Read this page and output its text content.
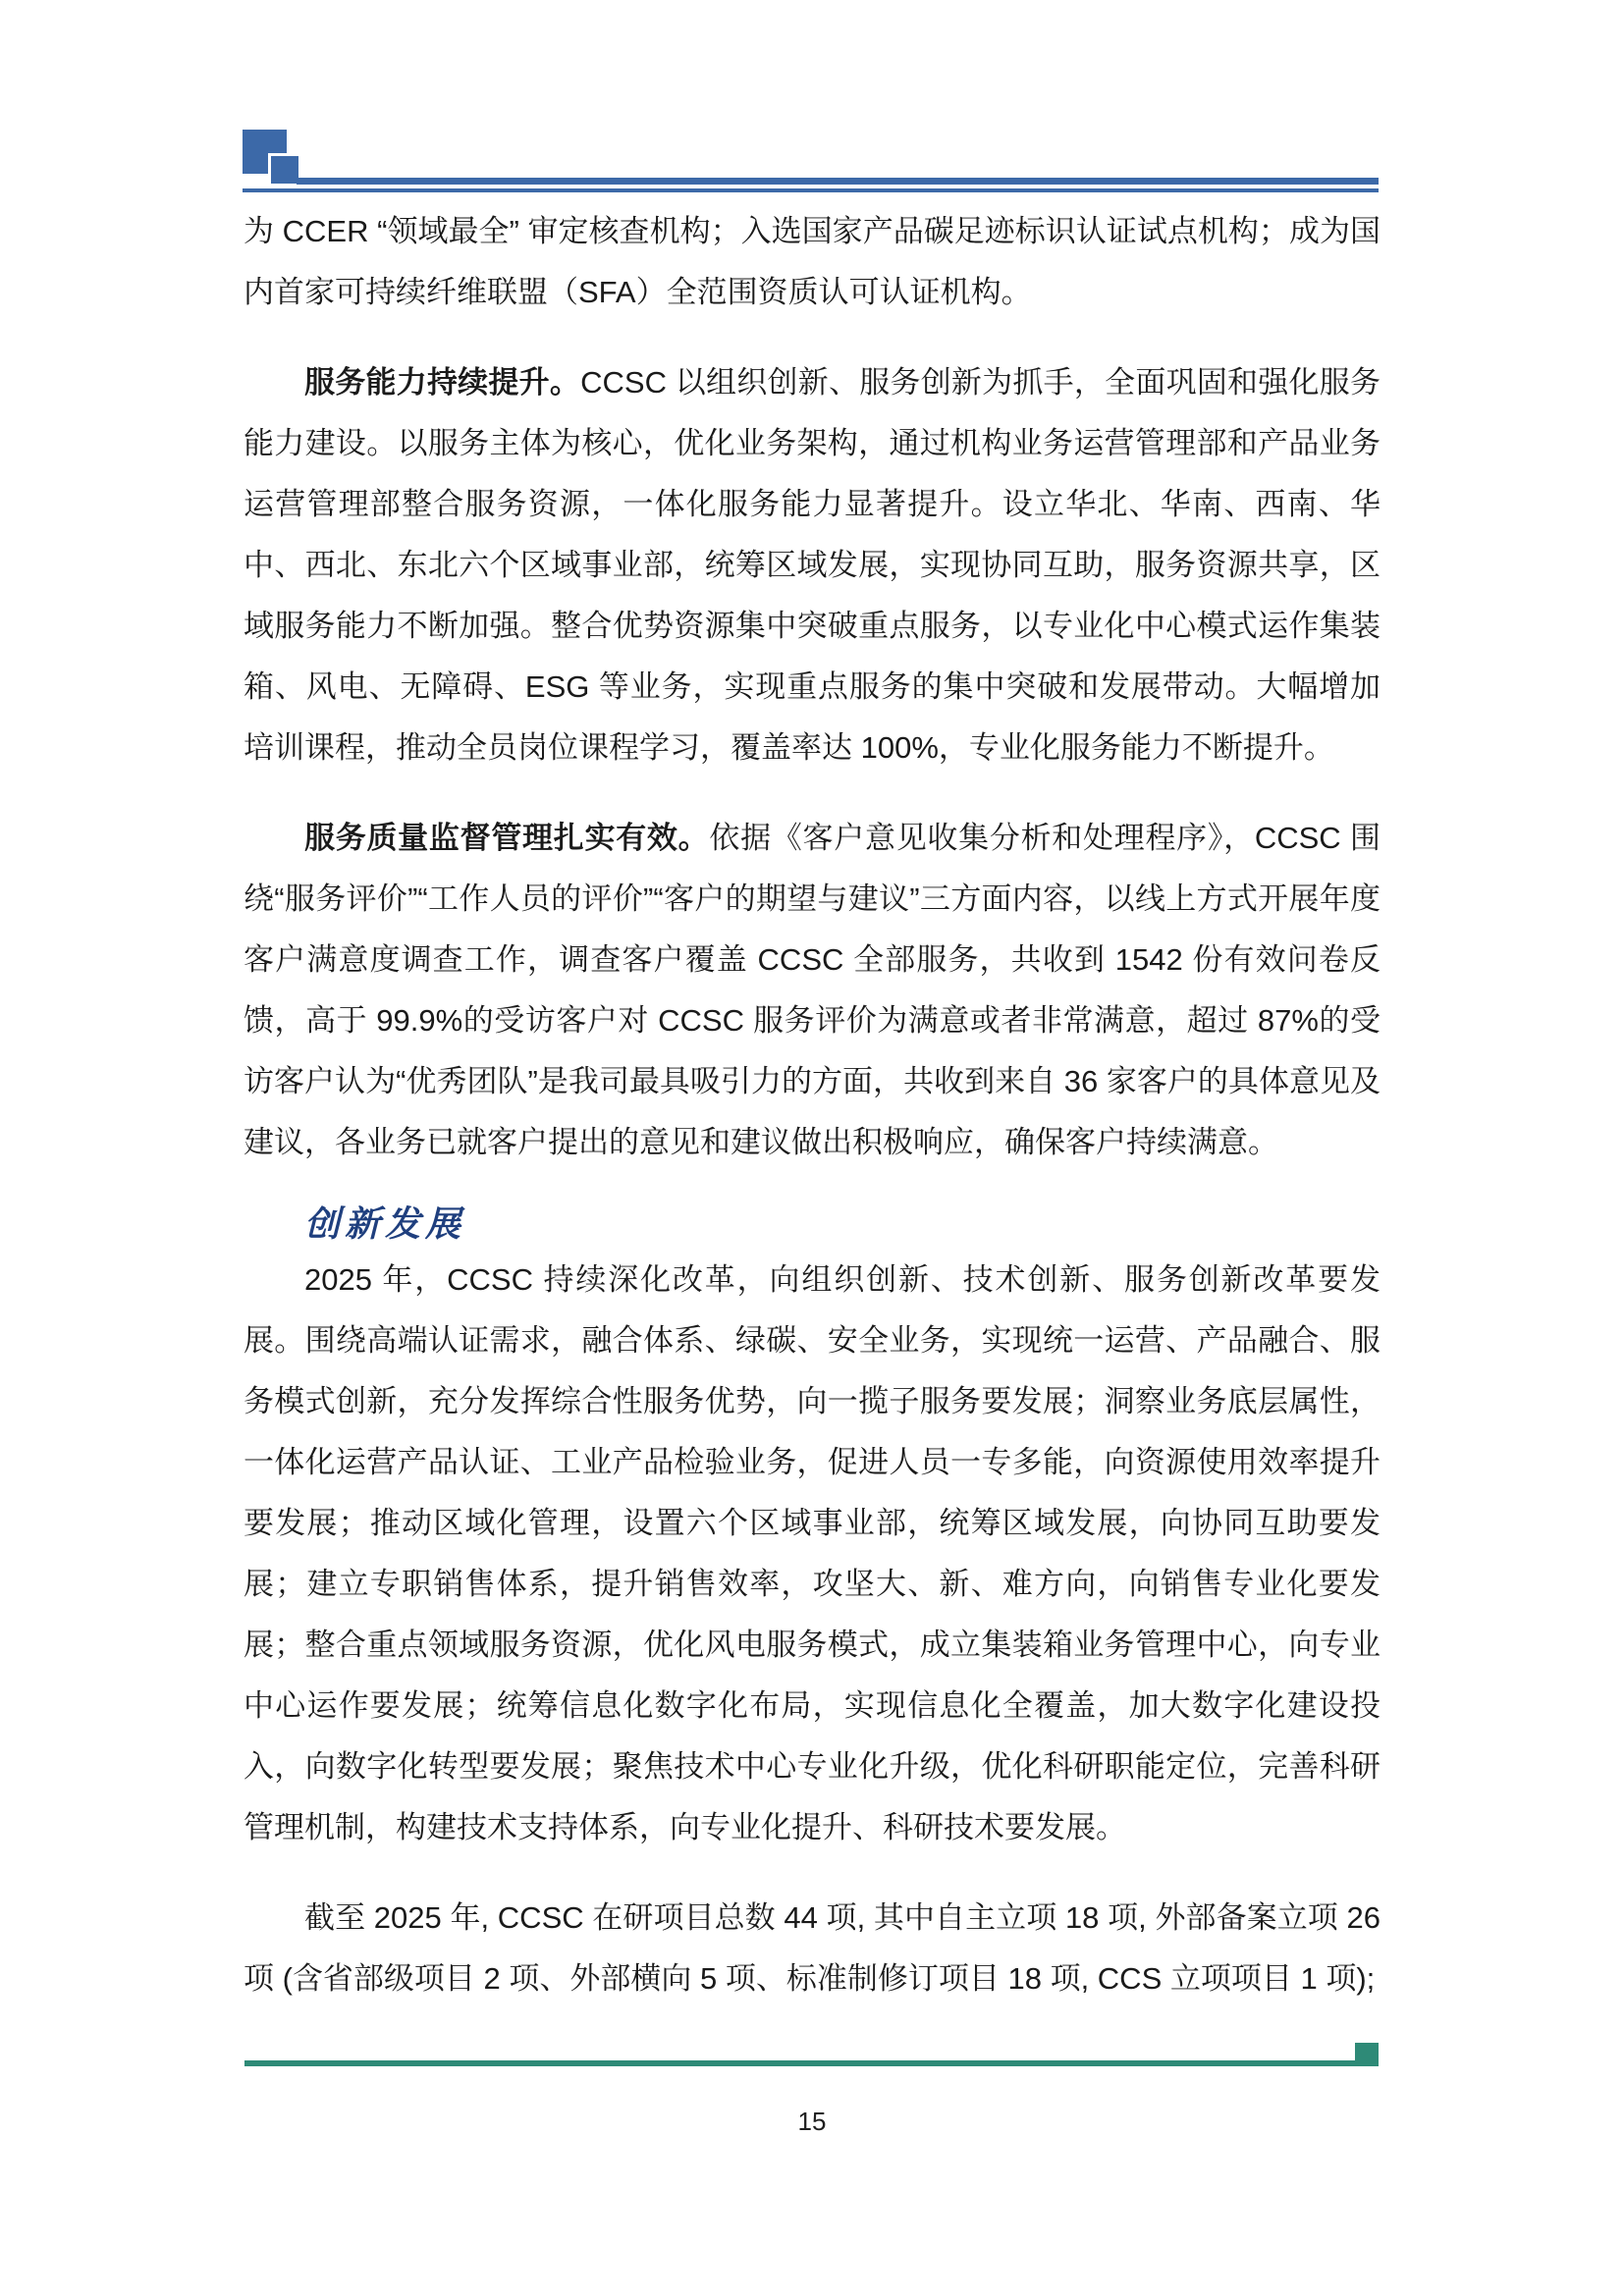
为 CCER “领域最全” 审定核查机构；入选国家产品碳足迹标识认证试点机构；成为国内首家可持续纤维联盟（SFA）全范围资质认可认证机构。

服务能力持续提升。CCSC 以组织创新、服务创新为抓手，全面巩固和强化服务能力建设。以服务主体为核心，优化业务架构，通过机构业务运营管理部和产品业务运营管理部整合服务资源，一体化服务能力显著提升。设立华北、华南、西南、华中、西北、东北六个区域事业部，统筹区域发展，实现协同互助，服务资源共享，区域服务能力不断加强。整合优势资源集中突破重点服务，以专业化中心模式运作集装箱、风电、无障碍、ESG 等业务，实现重点服务的集中突破和发展带动。大幅增加培训课程，推动全员岗位课程学习，覆盖率达 100%，专业化服务能力不断提升。

服务质量监督管理扎实有效。依据《客户意见收集分析和处理程序》，CCSC 围绕“服务评价”“工作人员的评价”“客户的期望与建议”三方面内容，以线上方式开展年度客户满意度调查工作，调查客户覆盖 CCSC 全部服务，共收到 1542 份有效问卷反馈，高于 99.9%的受访客户对 CCSC 服务评价为满意或者非常满意，超过 87%的受访客户认为“优秀团队”是我司最具吸引力的方面，共收到来自 36 家客户的具体意见及建议，各业务已就客户提出的意见和建议做出积极响应，确保客户持续满意。

创新发展

2025 年，CCSC 持续深化改革，向组织创新、技术创新、服务创新改革要发展。围绕高端认证需求，融合体系、绿碳、安全业务，实现统一运营、产品融合、服务模式创新，充分发挥综合性服务优势，向一揽子服务要发展；洞察业务底层属性，一体化运营产品认证、工业产品检验业务，促进人员一专多能，向资源使用效率提升要发展；推动区域化管理，设置六个区域事业部，统筹区域发展，向协同互助要发展；建立专职销售体系，提升销售效率，攻坚大、新、难方向，向销售专业化要发展；整合重点领域服务资源，优化风电服务模式，成立集装箱业务管理中心，向专业中心运作要发展；统筹信息化数字化布局，实现信息化全覆盖，加大数字化建设投入，向数字化转型要发展；聚焦技术中心专业化升级，优化科研职能定位，完善科研管理机制，构建技术支持体系，向专业化提升、科研技术要发展。

截至 2025 年, CCSC 在研项目总数 44 项, 其中自主立项 18 项, 外部备案立项 26 项 (含省部级项目 2 项、外部横向 5 项、标准制修订项目 18 项, CCS 立项项目 1 项);

15
